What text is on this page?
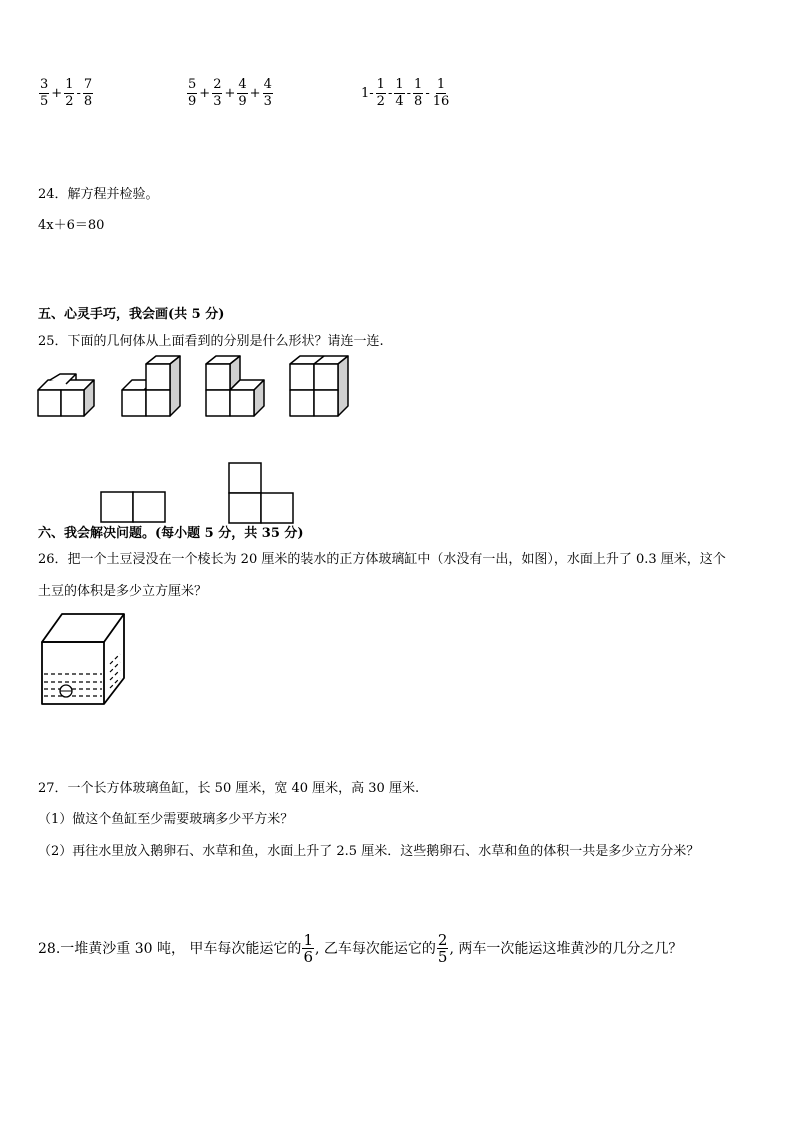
$\frac{3}{5} + \frac{1}{2} - \frac{7}{8}$	$\frac{5}{9} + \frac{2}{3} + \frac{4}{9} + \frac{4}{3}$	$1- \frac{1}{2} - \frac{1}{4} - \frac{1}{8} - \frac{1}{16}$
24．解方程并检验。
4x＋6＝80
五、心灵手巧，我会画(共 5 分)
25．下面的几何体从上面看到的分别是什么形状？请连一连.
六、我会解决问题。(每小题 5 分，共 35 分)
26．把一个土豆浸没在一个棱长为 20 厘米的装水的正方体玻璃缸中（水没有一出，如图），水面上升了 0.3 厘米，这个
土豆的体积是多少立方厘米？
27．一个长方体玻璃鱼缸，长 50 厘米，宽 40 厘米，高 30 厘米.
（1）做这个鱼缸至少需要玻璃多少平方米？
（2）再往水里放入鹅卵石、水草和鱼，水面上升了 2.5 厘米．这些鹅卵石、水草和鱼的体积一共是多少立方分米？
28.一堆黄沙重 30 吨， 甲车每次能运它的 $\frac{1}{6}$ , 乙车每次能运它的 $\frac{2}{5}$ , 两车一次能运这堆黄沙的几分之几？
